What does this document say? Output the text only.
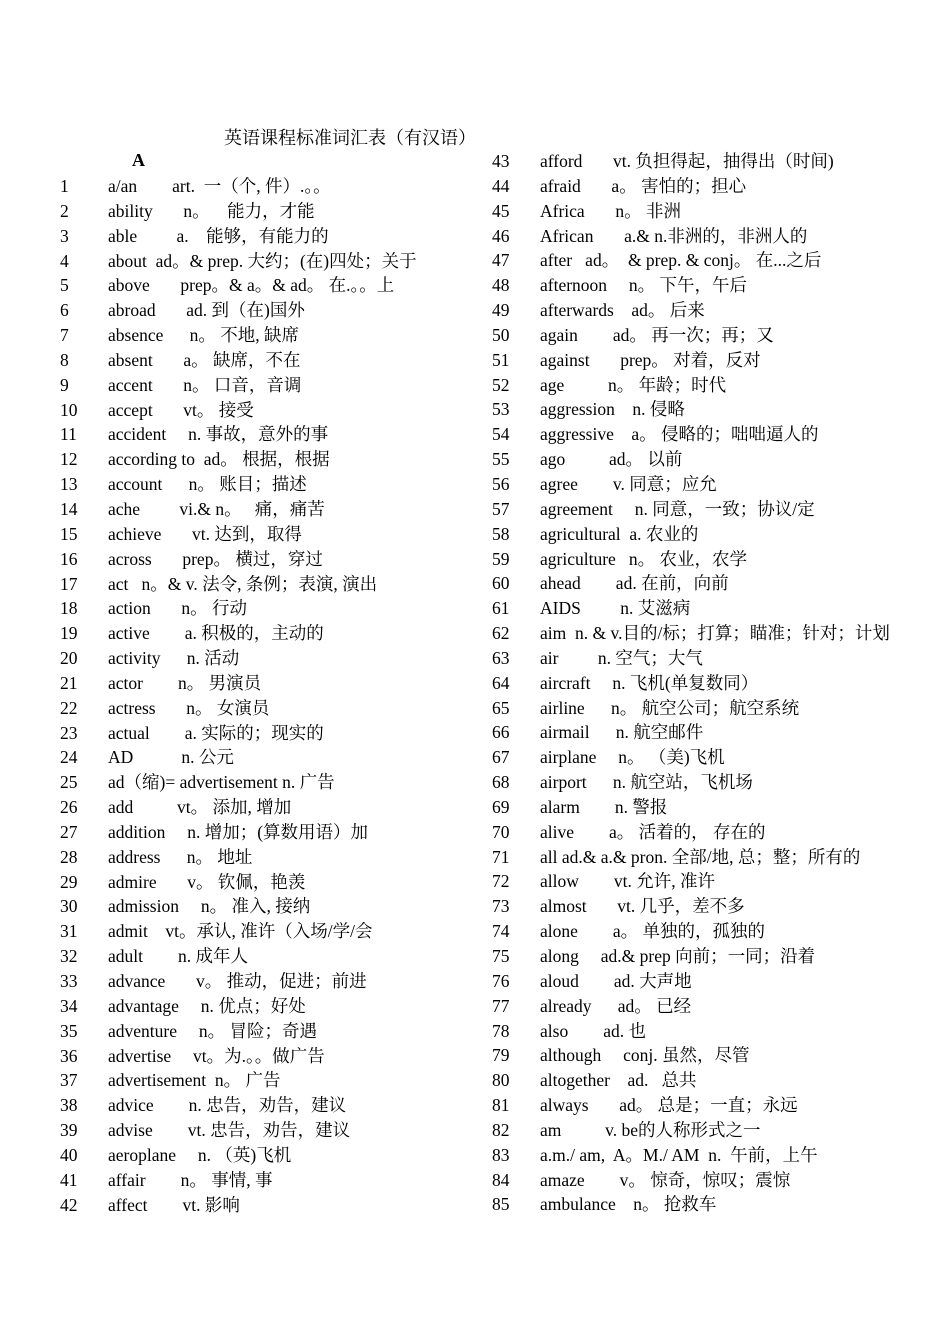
英语课程标准词汇表（有汉语）
A
1	a/an        art.  一（个, 件）.。。
2	ability       n。    能力，才能
3	able         a.    能够，有能力的
4	about  ad。& prep. 大约；(在)四处；关于
5	above       prep。& a。& ad。 在.。。上
6	abroad       ad. 到（在)国外
7	absence      n。 不地, 缺席
8	absent       a。 缺席，不在
9	accent       n。 口音，音调
10	accept       vt。 接受
11	accident     n. 事故，意外的事
12	according to  ad。 根据，根据
13	account      n。 账目；描述
14	ache         vi.& n。   痛，痛苦
15	achieve       vt. 达到，取得
16	across       prep。 横过，穿过
17	act   n。& v. 法令, 条例；表演, 演出
18	action       n。 行动
19	active        a. 积极的，主动的
20	activity      n. 活动
21	actor        n。 男演员
22	actress       n。 女演员
23	actual        a. 实际的；现实的
24	AD           n. 公元
25	ad（缩)= advertisement n. 广告
26	add          vt。 添加, 增加
27	addition     n. 增加；(算数用语）加
28	address      n。 地址
29	admire       v。 钦佩，艳羡
30	admission     n。 准入, 接纳
31	admit    vt。承认, 准许（入场/学/会
32	adult        n. 成年人
33	advance       v。 推动，促进；前进
34	advantage     n. 优点；好处
35	adventure     n。 冒险；奇遇
36	advertise     vt。为.。。做广告
37	advertisement  n。 广告
38	advice        n. 忠告，劝告，建议
39	advise        vt. 忠告，劝告，建议
40	aeroplane     n. （英)飞机
41	affair        n。 事情, 事
42	affect        vt. 影响
43	afford       vt. 负担得起，抽得出（时间)
44	afraid       a。 害怕的；担心
45	Africa       n。 非洲
46	African       a.& n.非洲的，非洲人的
47	after   ad。  & prep. & conj。 在...之后
48	afternoon     n。 下午，午后
49	afterwards    ad。 后来
50	again        ad。 再一次；再；又
51	against       prep。 对着，反对
52	age          n。 年龄；时代
53	aggression    n. 侵略
54	aggressive    a。 侵略的；咄咄逼人的
55	ago          ad。 以前
56	agree        v. 同意；应允
57	agreement     n. 同意，一致；协议/定
58	agricultural  a. 农业的
59	agriculture   n。 农业，农学
60	ahead        ad. 在前，向前
61	AIDS         n. 艾滋病
62	aim  n. & v.目的/标；打算；瞄准；针对；计划
63	air         n. 空气；大气
64	aircraft     n. 飞机(单复数同）
65	airline      n。 航空公司；航空系统
66	airmail      n. 航空邮件
67	airplane     n。 （美)飞机
68	airport      n. 航空站，飞机场
69	alarm        n. 警报
70	alive        a。 活着的， 存在的
71	all ad.& a.& pron. 全部/地, 总；整；所有的
72	allow        vt. 允许, 准许
73	almost       vt. 几乎，差不多
74	alone        a。 单独的，孤独的
75	along     ad.& prep 向前；一同；沿着
76	aloud        ad. 大声地
77	already      ad。 已经
78	also        ad. 也
79	although     conj. 虽然，尽管
80	altogether    ad.   总共
81	always       ad。 总是；一直；永远
82	am          v. be的人称形式之一
83	a.m./ am,  A。M./ AM  n.  午前，上午
84	amaze        v。 惊奇，惊叹；震惊
85	ambulance    n。 抢救车
